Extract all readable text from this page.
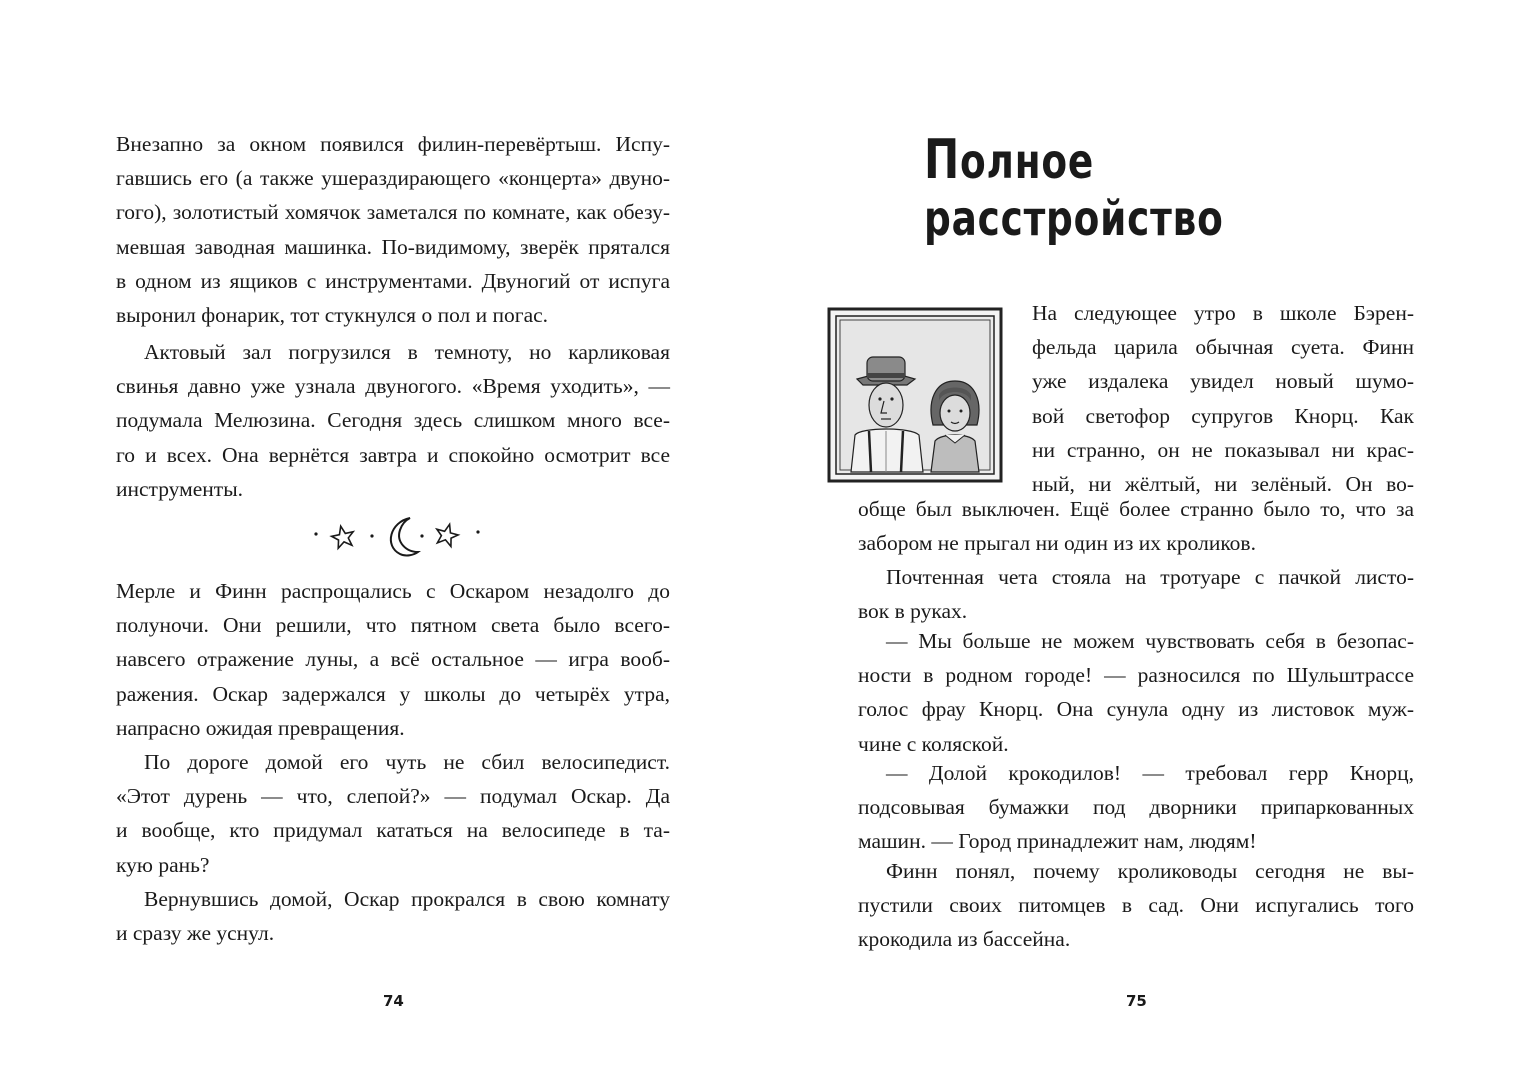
Внезапно за окном появился филин-перевёртыш. Испу-
гавшись его (а также ушераздирающего «концерта» двуно-
гого), золотистый хомячок заметался по комнате, как обезу-
мевшая заводная машинка. По-видимому, зверёк прятался
в одном из ящиков с инструментами. Двуногий от испуга
выронил фонарик, тот стукнулся о пол и погас.
Актовый зал погрузился в темноту, но карликовая
свинья давно уже узнала двуногого. «Время уходить», —
подумала Мелюзина. Сегодня здесь слишком много все-
го и всех. Она вернётся завтра и спокойно осмотрит все
инструменты.
Мерле и Финн распрощались с Оскаром незадолго до
полуночи. Они решили, что пятном света было всего-
навсего отражение луны, а всё остальное — игра вооб-
ражения. Оскар задержался у школы до четырёх утра,
напрасно ожидая превращения.
По дороге домой его чуть не сбил велосипедист.
«Этот дурень — что, слепой?» — подумал Оскар. Да
и вообще, кто придумал кататься на велосипеде в та-
кую рань?
Вернувшись домой, Оскар прокрался в свою комнату
и сразу же уснул.
74
Полное расстройство
На следующее утро в школе Бэрен-
фельда царила обычная суета. Финн
уже издалека увидел новый шумо-
вой светофор супругов Кнорц. Как
ни странно, он не показывал ни крас-
ный, ни жёлтый, ни зелёный. Он во-
обще был выключен. Ещё более странно было то, что за
забором не прыгал ни один из их кроликов.
Почтенная чета стояла на тротуаре с пачкой листо-
вок в руках.
— Мы больше не можем чувствовать себя в безопас-
ности в родном городе! — разносился по Шульштрассе
голос фрау Кнорц. Она сунула одну из листовок муж-
чине с коляской.
— Долой крокодилов! — требовал герр Кнорц,
подсовывая бумажки под дворники припаркованных
машин. — Город принадлежит нам, людям!
Финн понял, почему кролиководы сегодня не вы-
пустили своих питомцев в сад. Они испугались того
крокодила из бассейна.
75
